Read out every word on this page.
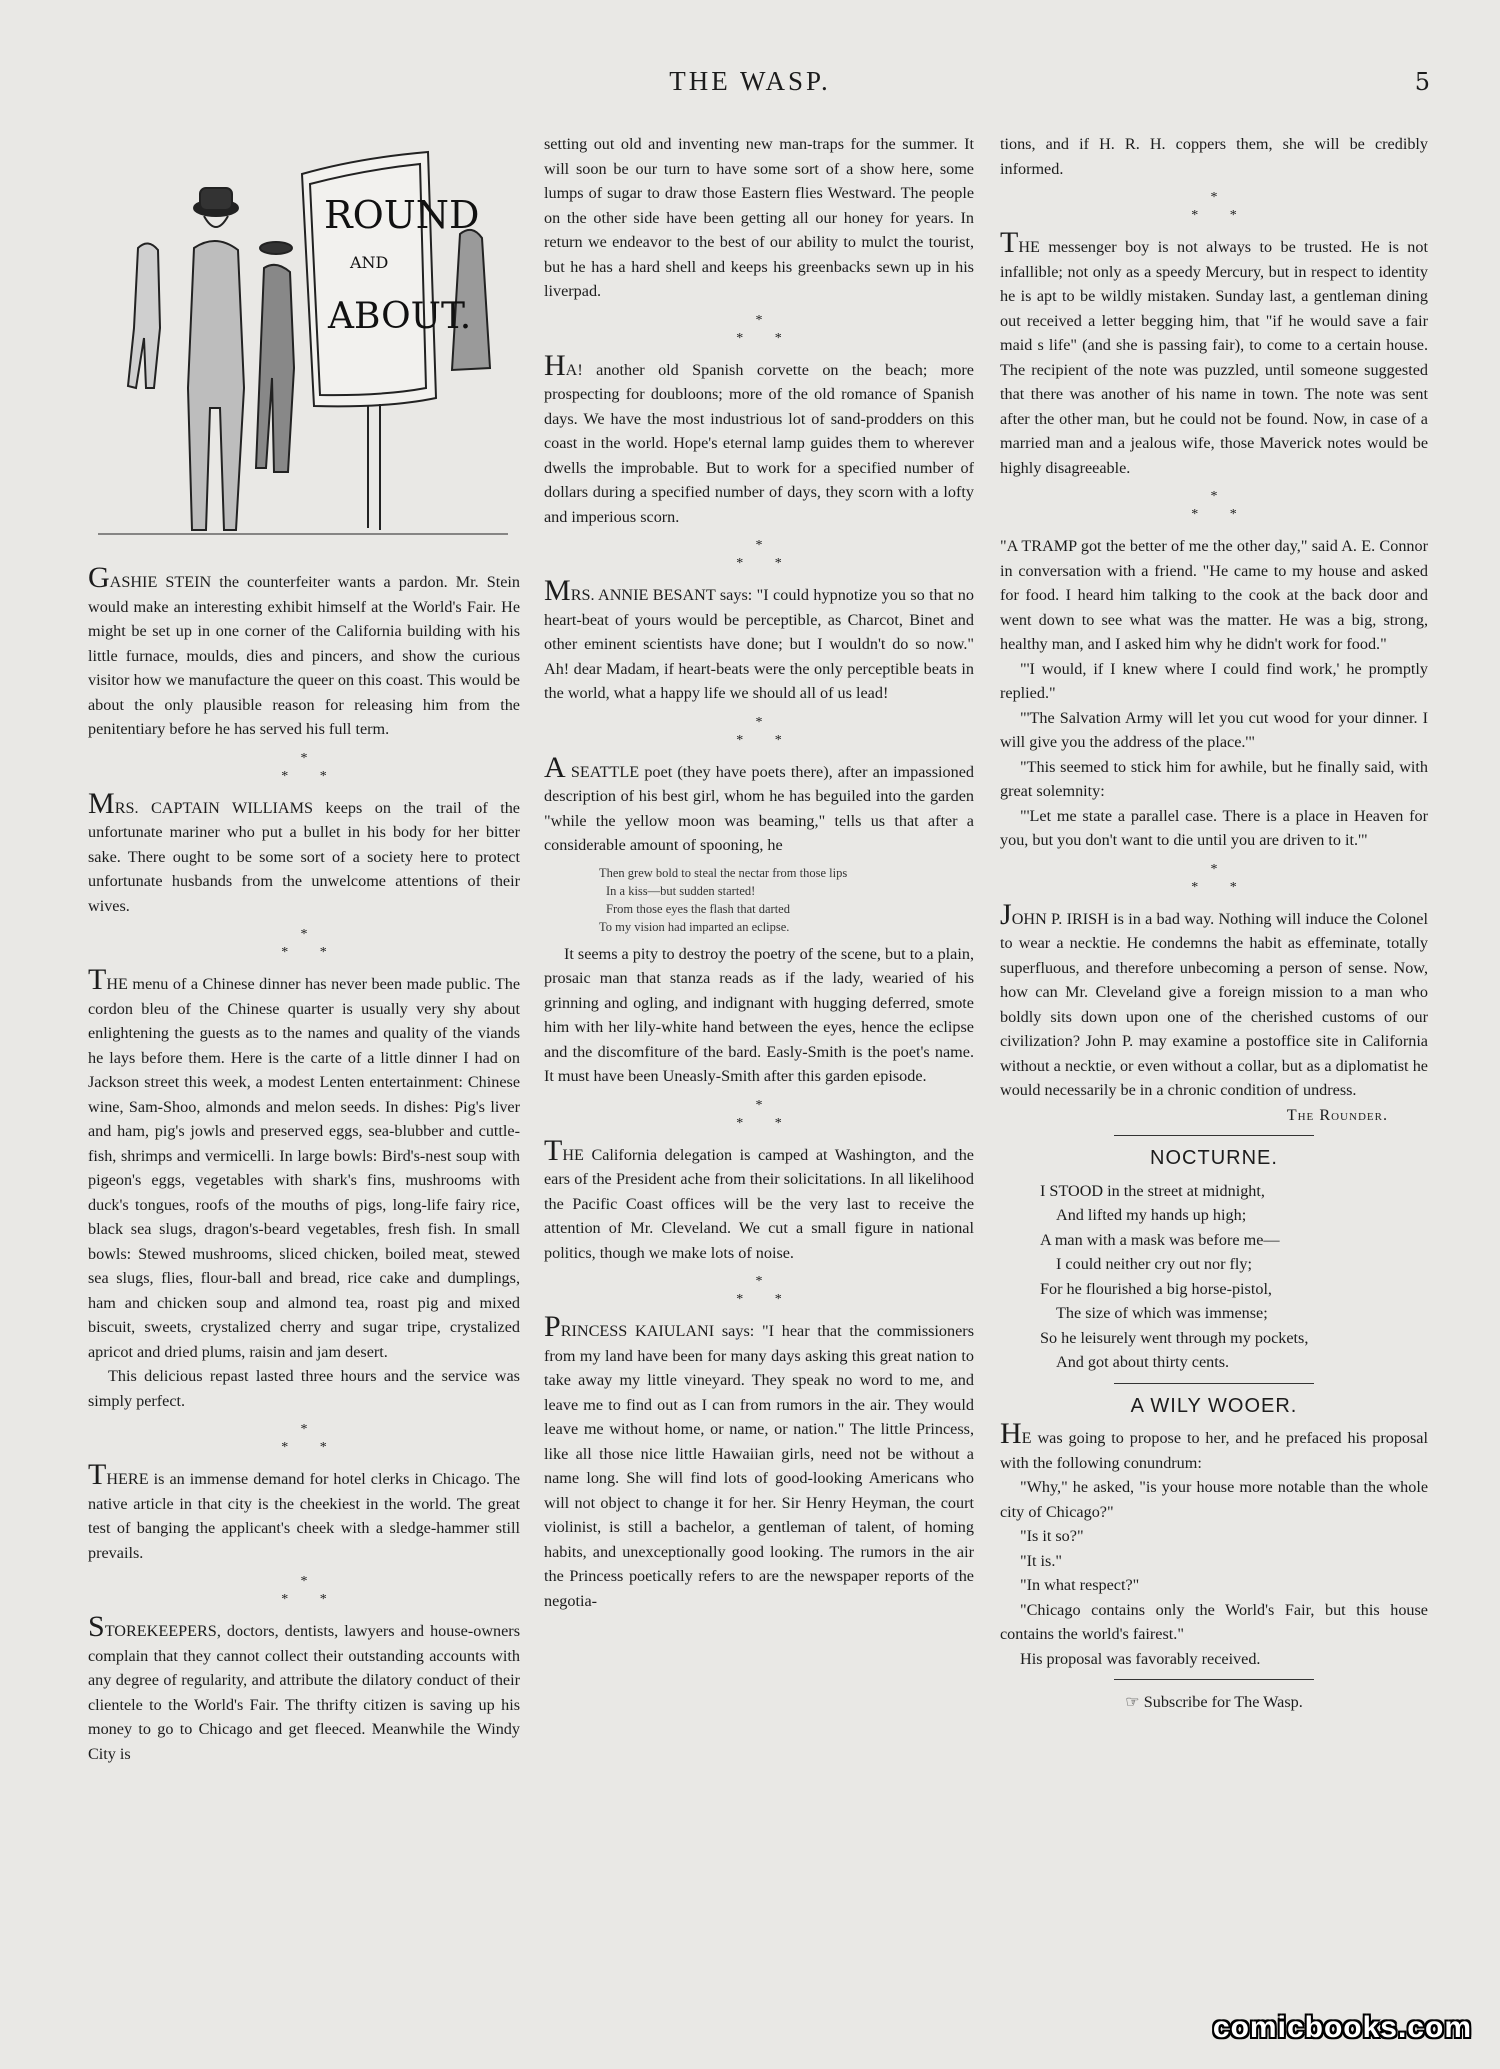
THE WASP.	5
ROUND
AND
ABOUT.

GASHIE STEIN the counterfeiter wants a pardon. Mr. Stein would make an interesting exhibit himself at the World's Fair. He might be set up in one corner of the California building with his little furnace, moulds, dies and pincers, and show the curious visitor how we manufacture the queer on this coast. This would be about the only plausible reason for releasing him from the penitentiary before he has served his full term.

*
* *

MRS. CAPTAIN WILLIAMS keeps on the trail of the unfortunate mariner who put a bullet in his body for her bitter sake. There ought to be some sort of a society here to protect unfortunate husbands from the unwelcome attentions of their wives.

*
* *

THE menu of a Chinese dinner has never been made public. The cordon bleu of the Chinese quarter is usually very shy about enlightening the guests as to the names and quality of the viands he lays before them. Here is the carte of a little dinner I had on Jackson street this week, a modest Lenten entertainment: Chinese wine, Sam-Shoo, almonds and melon seeds. In dishes: Pig's liver and ham, pig's jowls and preserved eggs, sea-blubber and cuttle-fish, shrimps and vermicelli. In large bowls: Bird's-nest soup with pigeon's eggs, vegetables with shark's fins, mushrooms with duck's tongues, roofs of the mouths of pigs, long-life fairy rice, black sea slugs, dragon's-beard vegetables, fresh fish. In small bowls: Stewed mushrooms, sliced chicken, boiled meat, stewed sea slugs, flies, flour-ball and bread, rice cake and dumplings, ham and chicken soup and almond tea, roast pig and mixed biscuit, sweets, crystalized cherry and sugar tripe, crystalized apricot and dried plums, raisin and jam desert.

This delicious repast lasted three hours and the service was simply perfect.

*
* *

THERE is an immense demand for hotel clerks in Chicago. The native article in that city is the cheekiest in the world. The great test of banging the applicant's cheek with a sledge-hammer still prevails.

*
* *

STOREKEEPERS, doctors, dentists, lawyers and house-owners complain that they cannot collect their outstanding accounts with any degree of regularity, and attribute the dilatory conduct of their clientele to the World's Fair. The thrifty citizen is saving up his money to go to Chicago and get fleeced. Meanwhile the Windy City is

setting out old and inventing new man-traps for the summer. It will soon be our turn to have some sort of a show here, some lumps of sugar to draw those Eastern flies Westward. The people on the other side have been getting all our honey for years. In return we endeavor to the best of our ability to mulct the tourist, but he has a hard shell and keeps his greenbacks sewn up in his liverpad.

*
* *

HA! another old Spanish corvette on the beach; more prospecting for doubloons; more of the old romance of Spanish days. We have the most industrious lot of sand-prodders on this coast in the world. Hope's eternal lamp guides them to wherever dwells the improbable. But to work for a specified number of dollars during a specified number of days, they scorn with a lofty and imperious scorn.

*
* *

MRS. ANNIE BESANT says: "I could hypnotize you so that no heart-beat of yours would be perceptible, as Charcot, Binet and other eminent scientists have done; but I wouldn't do so now." Ah! dear Madam, if heart-beats were the only perceptible beats in the world, what a happy life we should all of us lead!

*
* *

A SEATTLE poet (they have poets there), after an impassioned description of his best girl, whom he has beguiled into the garden "while the yellow moon was beaming," tells us that after a considerable amount of spooning, he

Then grew bold to steal the nectar from those lips
In a kiss—but sudden started!
From those eyes the flash that darted
To my vision had imparted an eclipse.

It seems a pity to destroy the poetry of the scene, but to a plain, prosaic man that stanza reads as if the lady, wearied of his grinning and ogling, and indignant with hugging deferred, smote him with her lily-white hand between the eyes, hence the eclipse and the discomfiture of the bard. Easly-Smith is the poet's name. It must have been Uneasly-Smith after this garden episode.

*
* *

THE California delegation is camped at Washington, and the ears of the President ache from their solicitations. In all likelihood the Pacific Coast offices will be the very last to receive the attention of Mr. Cleveland. We cut a small figure in national politics, though we make lots of noise.

*
* *

PRINCESS KAIULANI says: "I hear that the commissioners from my land have been for many days asking this great nation to take away my little vineyard. They speak no word to me, and leave me to find out as I can from rumors in the air. They would leave me without home, or name, or nation." The little Princess, like all those nice little Hawaiian girls, need not be without a name long. She will find lots of good-looking Americans who will not object to change it for her. Sir Henry Heyman, the court violinist, is still a bachelor, a gentleman of talent, of homing habits, and unexceptionally good looking. The rumors in the air the Princess poetically refers to are the newspaper reports of the negotia-

tions, and if H. R. H. coppers them, she will be credibly informed.

*
* *

THE messenger boy is not always to be trusted. He is not infallible; not only as a speedy Mercury, but in respect to identity he is apt to be wildly mistaken. Sunday last, a gentleman dining out received a letter begging him, that "if he would save a fair maid s life" (and she is passing fair), to come to a certain house. The recipient of the note was puzzled, until someone suggested that there was another of his name in town. The note was sent after the other man, but he could not be found. Now, in case of a married man and a jealous wife, those Maverick notes would be highly disagreeable.

*
* *

"A TRAMP got the better of me the other day," said A. E. Connor in conversation with a friend. "He came to my house and asked for food. I heard him talking to the cook at the back door and went down to see what was the matter. He was a big, strong, healthy man, and I asked him why he didn't work for food."

"'I would, if I knew where I could find work,' he promptly replied."

"'The Salvation Army will let you cut wood for your dinner. I will give you the address of the place.'"

"This seemed to stick him for awhile, but he finally said, with great solemnity:

"'Let me state a parallel case. There is a place in Heaven for you, but you don't want to die until you are driven to it.'"

*
* *

JOHN P. IRISH is in a bad way. Nothing will induce the Colonel to wear a necktie. He condemns the habit as effeminate, totally superfluous, and therefore unbecoming a person of sense. Now, how can Mr. Cleveland give a foreign mission to a man who boldly sits down upon one of the cherished customs of our civilization? John P. may examine a postoffice site in California without a necktie, or even without a collar, but as a diplomatist he would necessarily be in a chronic condition of undress.

The Rounder.
NOCTURNE.
I STOOD in the street at midnight,
And lifted my hands up high;
A man with a mask was before me—
I could neither cry out nor fly;
For he flourished a big horse-pistol,
The size of which was immense;
So he leisurely went through my pockets,
And got about thirty cents.
A WILY WOOER.

HE was going to propose to her, and he prefaced his proposal with the following conundrum:

"Why," he asked, "is your house more notable than the whole city of Chicago?"

"Is it so?"

"It is."

"In what respect?"

"Chicago contains only the World's Fair, but this house contains the world's fairest."

His proposal was favorably received.

☞ Subscribe for The Wasp.
comicbooks.com
